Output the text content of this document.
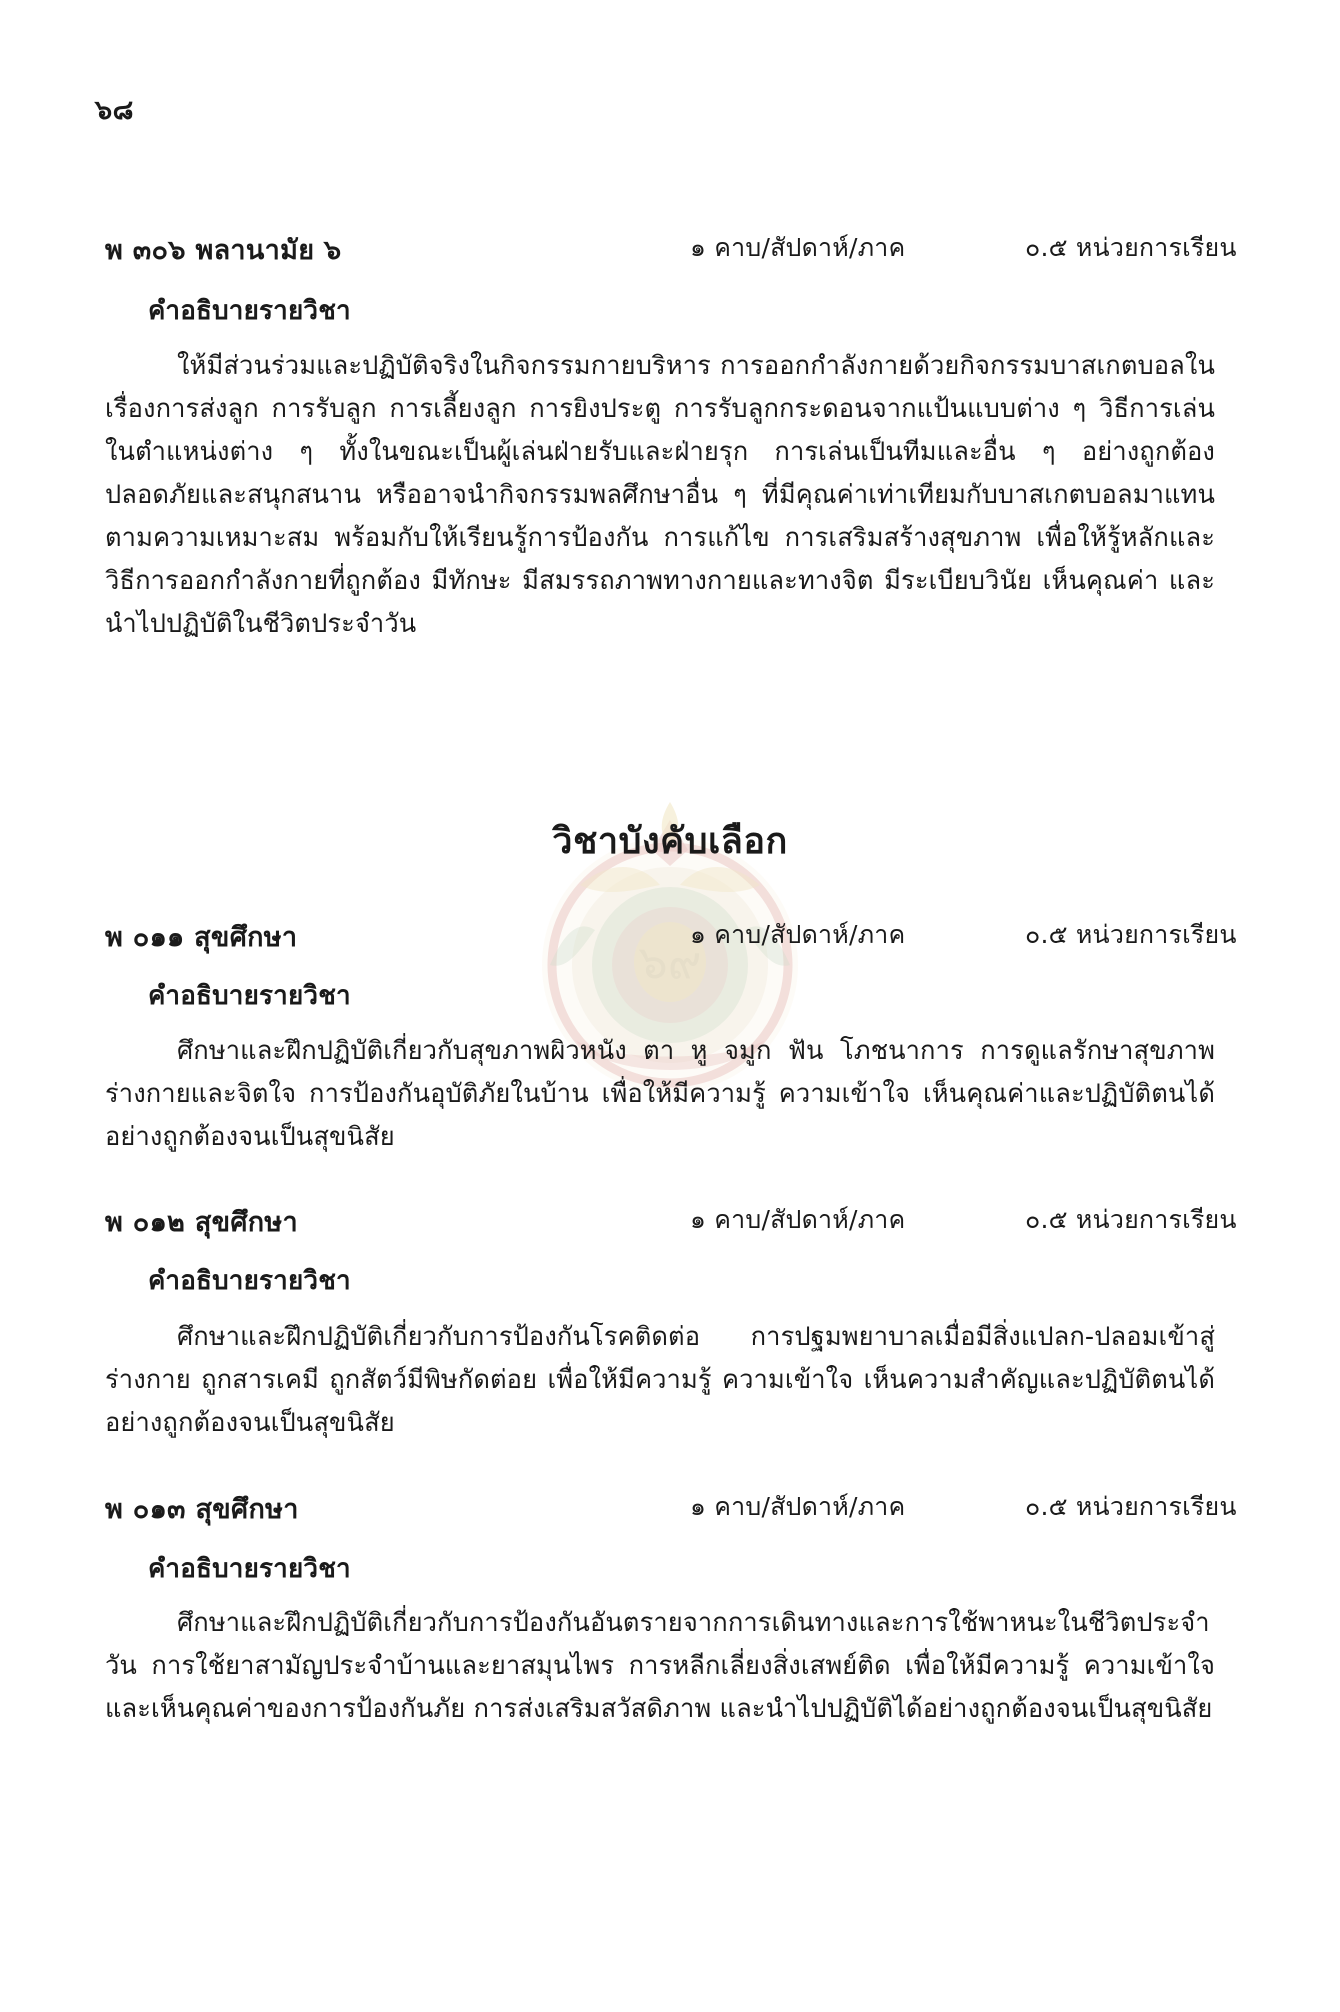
๖๙
๖๘
พ ๓๐๖ พลานามัย ๖	๑ คาบ/สัปดาห์/ภาค	๐.๕ หน่วยการเรียน
คำอธิบายรายวิชา
ให้มีส่วนร่วมและปฏิบัติจริงในกิจกรรมกายบริหาร การออกกำลังกายด้วยกิจกรรมบาสเกตบอลในเรื่องการส่งลูก การรับลูก การเลี้ยงลูก การยิงประตู การรับลูกกระดอนจากแป้นแบบต่าง ๆ วิธีการเล่นในตำแหน่งต่าง ๆ ทั้งในขณะเป็นผู้เล่นฝ่ายรับและฝ่ายรุก การเล่นเป็นทีมและอื่น ๆ อย่างถูกต้อง ปลอดภัยและสนุกสนาน หรืออาจนำกิจกรรมพลศึกษาอื่น ๆ ที่มีคุณค่าเท่าเทียมกับบาสเกตบอลมาแทนตามความเหมาะสม พร้อมกับให้เรียนรู้การป้องกัน การแก้ไข การเสริมสร้างสุขภาพ เพื่อให้รู้หลักและวิธีการออกกำลังกายที่ถูกต้อง มีทักษะ มีสมรรถภาพทางกายและทางจิต มีระเบียบวินัย เห็นคุณค่า และนำไปปฏิบัติในชีวิตประจำวัน
วิชาบังคับเลือก
พ ๐๑๑ สุขศึกษา	๑ คาบ/สัปดาห์/ภาค	๐.๕ หน่วยการเรียน
คำอธิบายรายวิชา
ศึกษาและฝึกปฏิบัติเกี่ยวกับสุขภาพผิวหนัง ตา หู จมูก ฟัน โภชนาการ การดูแลรักษาสุขภาพร่างกายและจิตใจ การป้องกันอุบัติภัยในบ้าน เพื่อให้มีความรู้ ความเข้าใจ เห็นคุณค่าและปฏิบัติตนได้อย่างถูกต้องจนเป็นสุขนิสัย
พ ๐๑๒ สุขศึกษา	๑ คาบ/สัปดาห์/ภาค	๐.๕ หน่วยการเรียน
คำอธิบายรายวิชา
ศึกษาและฝึกปฏิบัติเกี่ยวกับการป้องกันโรคติดต่อ การปฐมพยาบาลเมื่อมีสิ่งแปลก-ปลอมเข้าสู่ร่างกาย ถูกสารเคมี ถูกสัตว์มีพิษกัดต่อย เพื่อให้มีความรู้ ความเข้าใจ เห็นความสำคัญและปฏิบัติตนได้อย่างถูกต้องจนเป็นสุขนิสัย
พ ๐๑๓ สุขศึกษา	๑ คาบ/สัปดาห์/ภาค	๐.๕ หน่วยการเรียน
คำอธิบายรายวิชา
ศึกษาและฝึกปฏิบัติเกี่ยวกับการป้องกันอันตรายจากการเดินทางและการใช้พาหนะในชีวิตประจำวัน การใช้ยาสามัญประจำบ้านและยาสมุนไพร การหลีกเลี่ยงสิ่งเสพย์ติด เพื่อให้มีความรู้ ความเข้าใจ และเห็นคุณค่าของการป้องกันภัย การส่งเสริมสวัสดิภาพ และนำไปปฏิบัติได้อย่างถูกต้องจนเป็นสุขนิสัย
